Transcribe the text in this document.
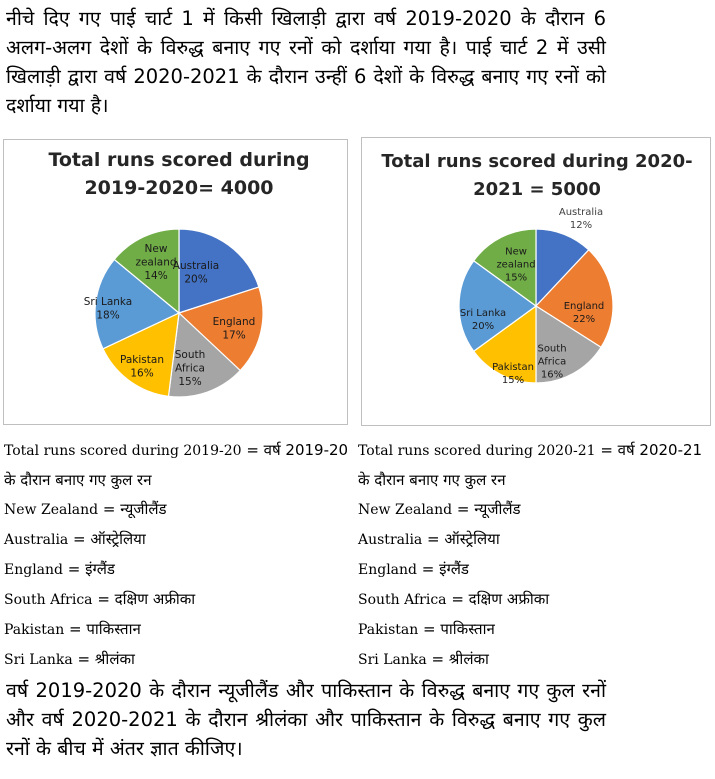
नीचे दिए गए पाई चार्ट 1 में किसी खिलाड़ी द्वारा वर्ष 2019-2020 के दौरान 6 अलग-अलग देशों के विरुद्ध बनाए गए रनों को दर्शाया गया है। पाई चार्ट 2 में उसी खिलाड़ी द्वारा वर्ष 2020-2021 के दौरान उन्हीं 6 देशों के विरुद्ध बनाए गए रनों को दर्शाया गया है।
Australia 20%
England 17%
South Africa 15%
Pakistan 16%
Sri Lanka 18%
New zealand 14%
Total runs scored during
2019-2020= 4000
Australia 12%
England 22%
South Africa 16%
Pakistan 15%
Sri Lanka 20%
New zealand 15%
Total runs scored during 2020-
2021 = 5000
Total runs scored during 2019-20 = वर्ष 2019-20 के दौरान बनाए गए कुल रन
New Zealand = न्यूजीलैंड
Australia = ऑस्ट्रेलिया
England = इंग्लैंड
South Africa = दक्षिण अफ्रीका
Pakistan = पाकिस्तान
Sri Lanka = श्रीलंका
Total runs scored during 2020-21 = वर्ष 2020-21 के दौरान बनाए गए कुल रन
New Zealand = न्यूजीलैंड
Australia = ऑस्ट्रेलिया
England = इंग्लैंड
South Africa = दक्षिण अफ्रीका
Pakistan = पाकिस्तान
Sri Lanka = श्रीलंका
वर्ष 2019-2020 के दौरान न्यूजीलैंड और पाकिस्तान के विरुद्ध बनाए गए कुल रनों और वर्ष 2020-2021 के दौरान श्रीलंका और पाकिस्तान के विरुद्ध बनाए गए कुल रनों के बीच में अंतर ज्ञात कीजिए।
